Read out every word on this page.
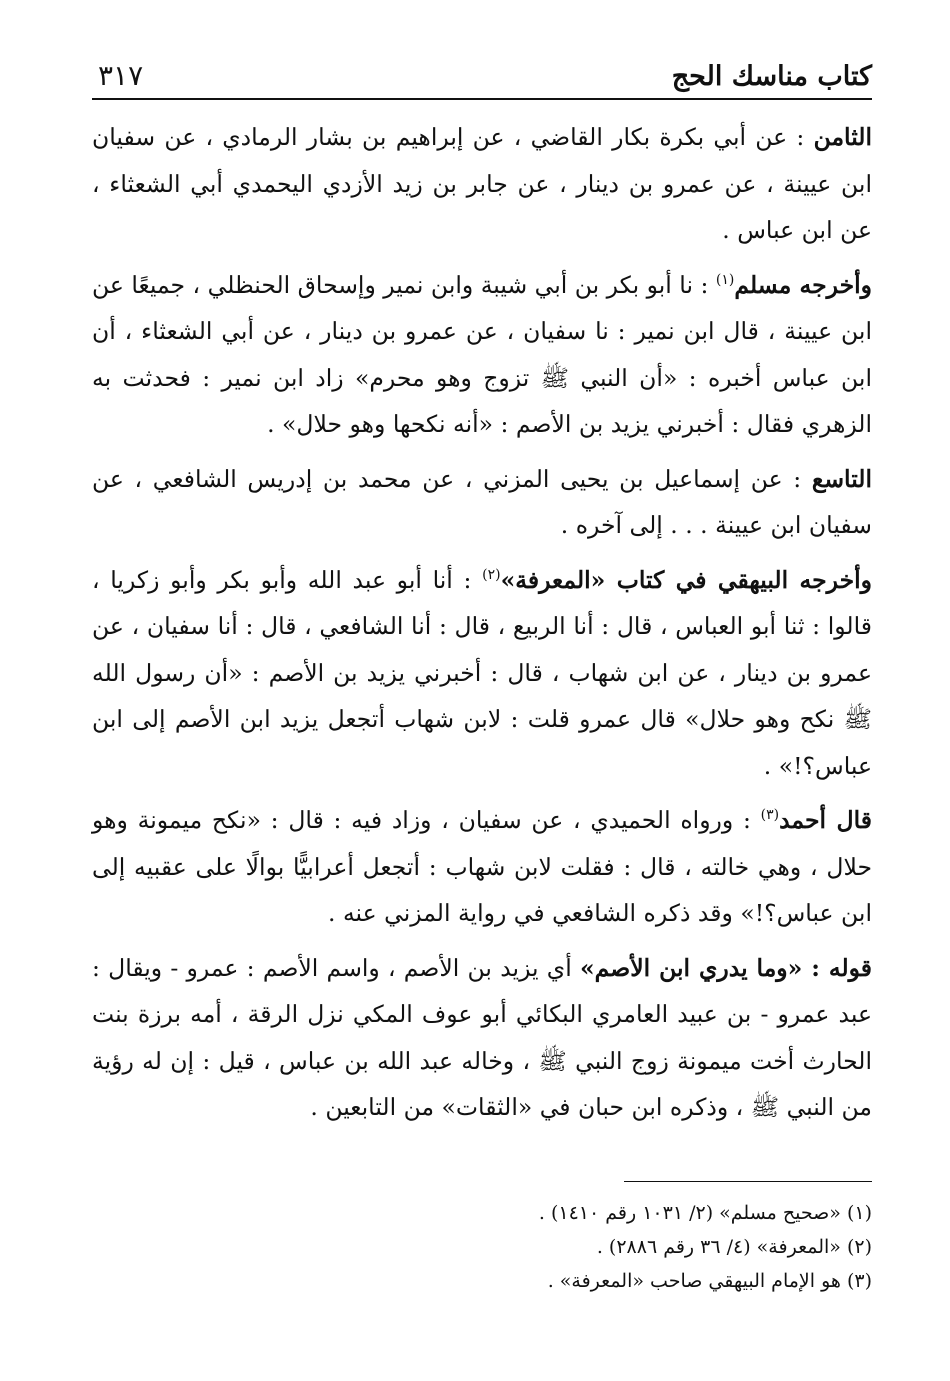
كتاب مناسك الحج
٣١٧

الثامن : عن أبي بكرة بكار القاضي ، عن إبراهيم بن بشار الرمادي ، عن سفيان ابن عيينة ، عن عمرو بن دينار ، عن جابر بن زيد الأزدي اليحمدي أبي الشعثاء ، عن ابن عباس .

وأخرجه مسلم$^{(١)}$ : نا أبو بكر بن أبي شيبة وابن نمير وإسحاق الحنظلي ، جميعًا عن ابن عيينة ، قال ابن نمير : نا سفيان ، عن عمرو بن دينار ، عن أبي الشعثاء ، أن ابن عباس أخبره : «أن النبي ﷺ تزوج وهو محرم» زاد ابن نمير : فحدثت به الزهري فقال : أخبرني يزيد بن الأصم : «أنه نكحها وهو حلال» .

التاسع : عن إسماعيل بن يحيى المزني ، عن محمد بن إدريس الشافعي ، عن سفيان ابن عيينة . . . إلى آخره .

وأخرجه البيهقي في كتاب «المعرفة»$^{(٢)}$ : أنا أبو عبد الله وأبو بكر وأبو زكريا ، قالوا : ثنا أبو العباس ، قال : أنا الربيع ، قال : أنا الشافعي ، قال : أنا سفيان ، عن عمرو بن دينار ، عن ابن شهاب ، قال : أخبرني يزيد بن الأصم : «أن رسول الله ﷺ نكح وهو حلال» قال عمرو قلت : لابن شهاب أتجعل يزيد ابن الأصم إلى ابن عباس؟!» .

قال أحمد$^{(٣)}$ : ورواه الحميدي ، عن سفيان ، وزاد فيه : قال : «نكح ميمونة وهو حلال ، وهي خالته ، قال : فقلت لابن شهاب : أتجعل أعرابيًّا بوالًا على عقبيه إلى ابن عباس؟!» وقد ذكره الشافعي في رواية المزني عنه .

قوله : «وما يدري ابن الأصم» أي يزيد بن الأصم ، واسم الأصم : عمرو - ويقال : عبد عمرو - بن عبيد العامري البكائي أبو عوف المكي نزل الرقة ، أمه برزة بنت الحارث أخت ميمونة زوج النبي ﷺ ، وخاله عبد الله بن عباس ، قيل : إن له رؤية من النبي ﷺ ، وذكره ابن حبان في «الثقات» من التابعين .

(١) «صحيح مسلم» (٢/ ١٠٣١ رقم ١٤١٠) .
(٢) «المعرفة» (٤/ ٣٦ رقم ٢٨٨٦) .
(٣) هو الإمام البيهقي صاحب «المعرفة» .
